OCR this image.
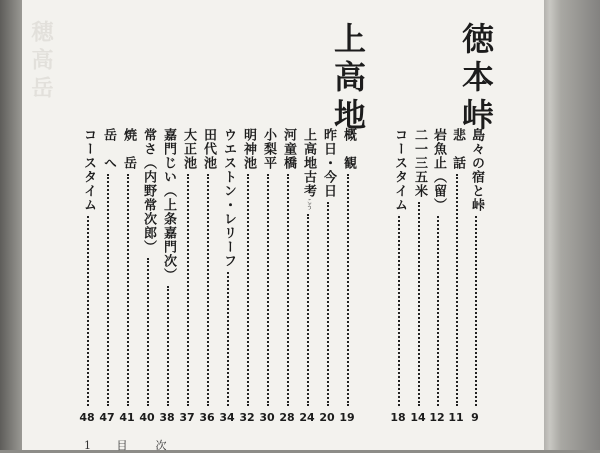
徳本峠
上高地
穂高岳
島々の宿と峠
9
悲　話
11
岩魚止（留）
12
二一三五米
14
コースタイム
18
概　観
19
昨日・今日
20
上高地古考
こう
24
河童橋
28
小梨平
30
明神池
32
ウエストン・レリーフ
34
田代池
36
大正池
37
嘉門じい（上条嘉門次）
38
常さ（内野常次郎）
40
焼　岳
41
岳　へ
47
コースタイム
48
1 目　　次
